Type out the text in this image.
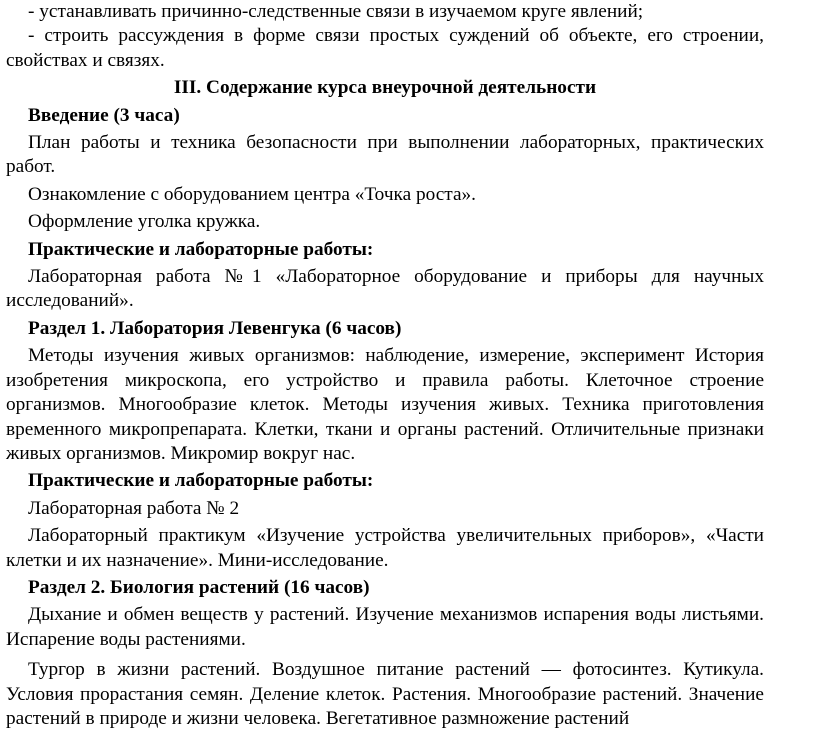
- устанавливать причинно-следственные связи в изучаемом круге явлений;

- строить рассуждения в форме связи простых суждений об объекте, его строении, свойствах и связях.

III. Содержание курса внеурочной деятельности

Введение (3 часа)

План работы и техника безопасности при выполнении лабораторных, практических работ.

Ознакомление с оборудованием центра «Точка роста».

Оформление уголка кружка.

Практические и лабораторные работы:

Лабораторная работа №1 «Лабораторное оборудование и приборы для научных исследований».

Раздел 1. Лаборатория Левенгука (6 часов)

Методы изучения живых организмов: наблюдение, измерение, эксперимент История изобретения микроскопа, его устройство и правила работы. Клеточное строение организмов. Многообразие клеток. Методы изучения живых. Техника приготовления временного микропрепарата. Клетки, ткани и органы растений. Отличительные признаки живых организмов. Микромир вокруг нас.

Практические и лабораторные работы:

Лабораторная работа № 2

Лабораторный практикум «Изучение устройства увеличительных приборов», «Части клетки и их назначение». Мини-исследование.

Раздел 2. Биология растений (16 часов)

Дыхание и обмен веществ у растений. Изучение механизмов испарения воды листьями. Испарение воды растениями.

Тургор в жизни растений. Воздушное питание растений — фотосинтез. Кутикула. Условия прорастания семян. Деление клеток. Растения. Многообразие растений. Значение растений в природе и жизни человека. Вегетативное размножение растений
